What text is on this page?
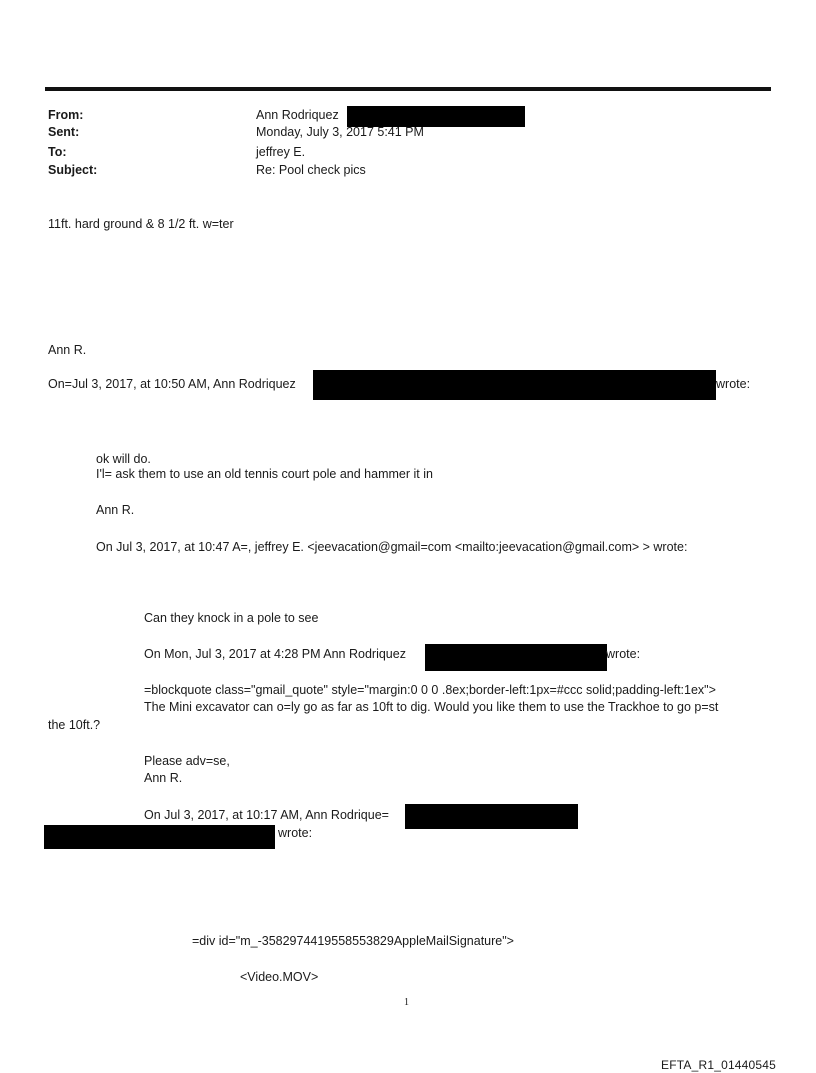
From:	Ann Rodriquez
Sent:	Monday, July 3, 2017 5:41 PM
To:	jeffrey E.
Subject:	Re: Pool check pics
11ft. hard ground & 8 1/2 ft. w=ter
Ann R.
On=Jul 3, 2017, at 10:50 AM, Ann Rodriquez	wrote:
ok will do.
I'l= ask them to use an old tennis court pole and hammer it in
Ann R.
On Jul 3, 2017, at 10:47 A=, jeffrey E. <jeevacation@gmail=com <mailto:jeevacation@gmail.com> > wrote:
Can they knock in a pole to see
On Mon, Jul 3, 2017 at 4:28 PM Ann Rodriquez	wrote:
=blockquote class="gmail_quote" style="margin:0 0 0 .8ex;border-left:1px=#ccc solid;padding-left:1ex">
The Mini excavator can o=ly go as far as 10ft to dig. Would you like them to use the Trackhoe to go p=st
the 10ft.?
Please adv=se,
Ann R.
On Jul 3, 2017, at 10:17 AM, Ann Rodrique=
wrote:
=div id="m_-3582974419558553829AppleMailSignature">
<Video.MOV>
1
EFTA_R1_01440545
